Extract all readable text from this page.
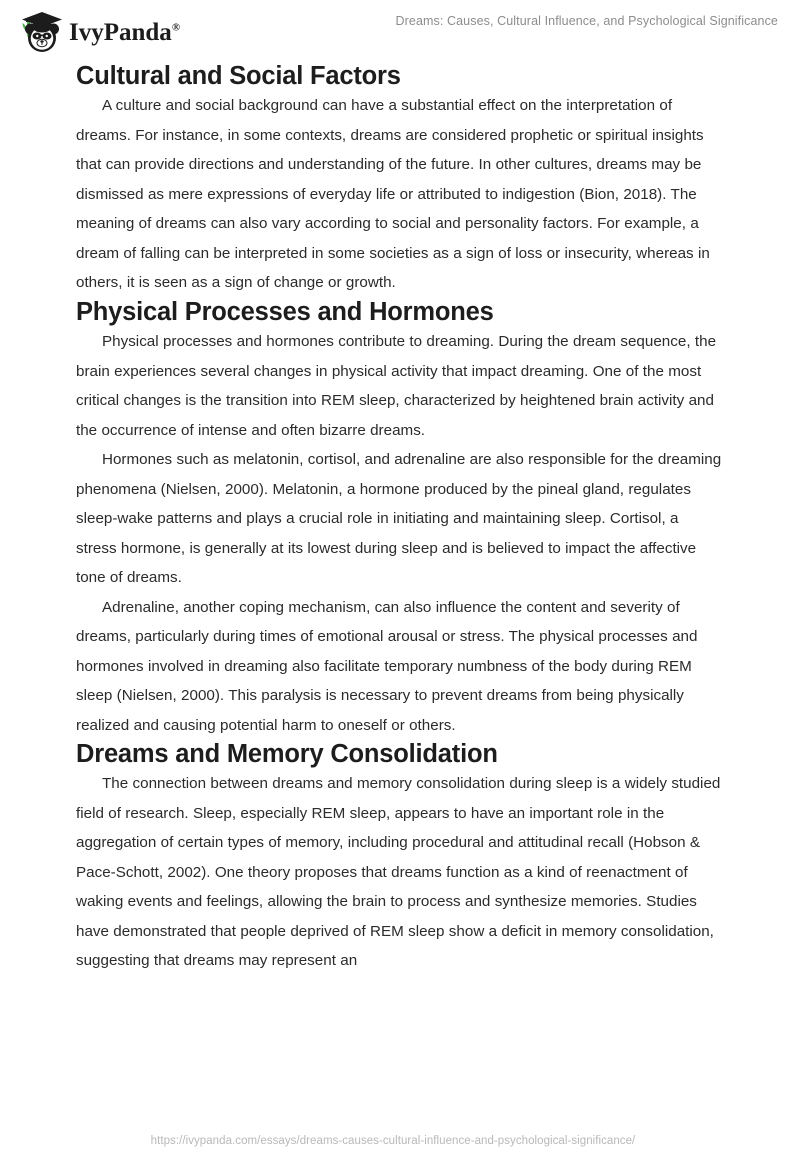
IvyPanda®	Dreams: Causes, Cultural Influence, and Psychological Significance
Cultural and Social Factors

A culture and social background can have a substantial effect on the interpretation of dreams. For instance, in some contexts, dreams are considered prophetic or spiritual insights that can provide directions and understanding of the future. In other cultures, dreams may be dismissed as mere expressions of everyday life or attributed to indigestion (Bion, 2018). The meaning of dreams can also vary according to social and personality factors. For example, a dream of falling can be interpreted in some societies as a sign of loss or insecurity, whereas in others, it is seen as a sign of change or growth.

Physical Processes and Hormones

Physical processes and hormones contribute to dreaming. During the dream sequence, the brain experiences several changes in physical activity that impact dreaming. One of the most critical changes is the transition into REM sleep, characterized by heightened brain activity and the occurrence of intense and often bizarre dreams.

Hormones such as melatonin, cortisol, and adrenaline are also responsible for the dreaming phenomena (Nielsen, 2000). Melatonin, a hormone produced by the pineal gland, regulates sleep-wake patterns and plays a crucial role in initiating and maintaining sleep. Cortisol, a stress hormone, is generally at its lowest during sleep and is believed to impact the affective tone of dreams.

Adrenaline, another coping mechanism, can also influence the content and severity of dreams, particularly during times of emotional arousal or stress. The physical processes and hormones involved in dreaming also facilitate temporary numbness of the body during REM sleep (Nielsen, 2000). This paralysis is necessary to prevent dreams from being physically realized and causing potential harm to oneself or others.

Dreams and Memory Consolidation

The connection between dreams and memory consolidation during sleep is a widely studied field of research. Sleep, especially REM sleep, appears to have an important role in the aggregation of certain types of memory, including procedural and attitudinal recall (Hobson & Pace-Schott, 2002). One theory proposes that dreams function as a kind of reenactment of waking events and feelings, allowing the brain to process and synthesize memories. Studies have demonstrated that people deprived of REM sleep show a deficit in memory consolidation, suggesting that dreams may represent an

https://ivypanda.com/essays/dreams-causes-cultural-influence-and-psychological-significance/
